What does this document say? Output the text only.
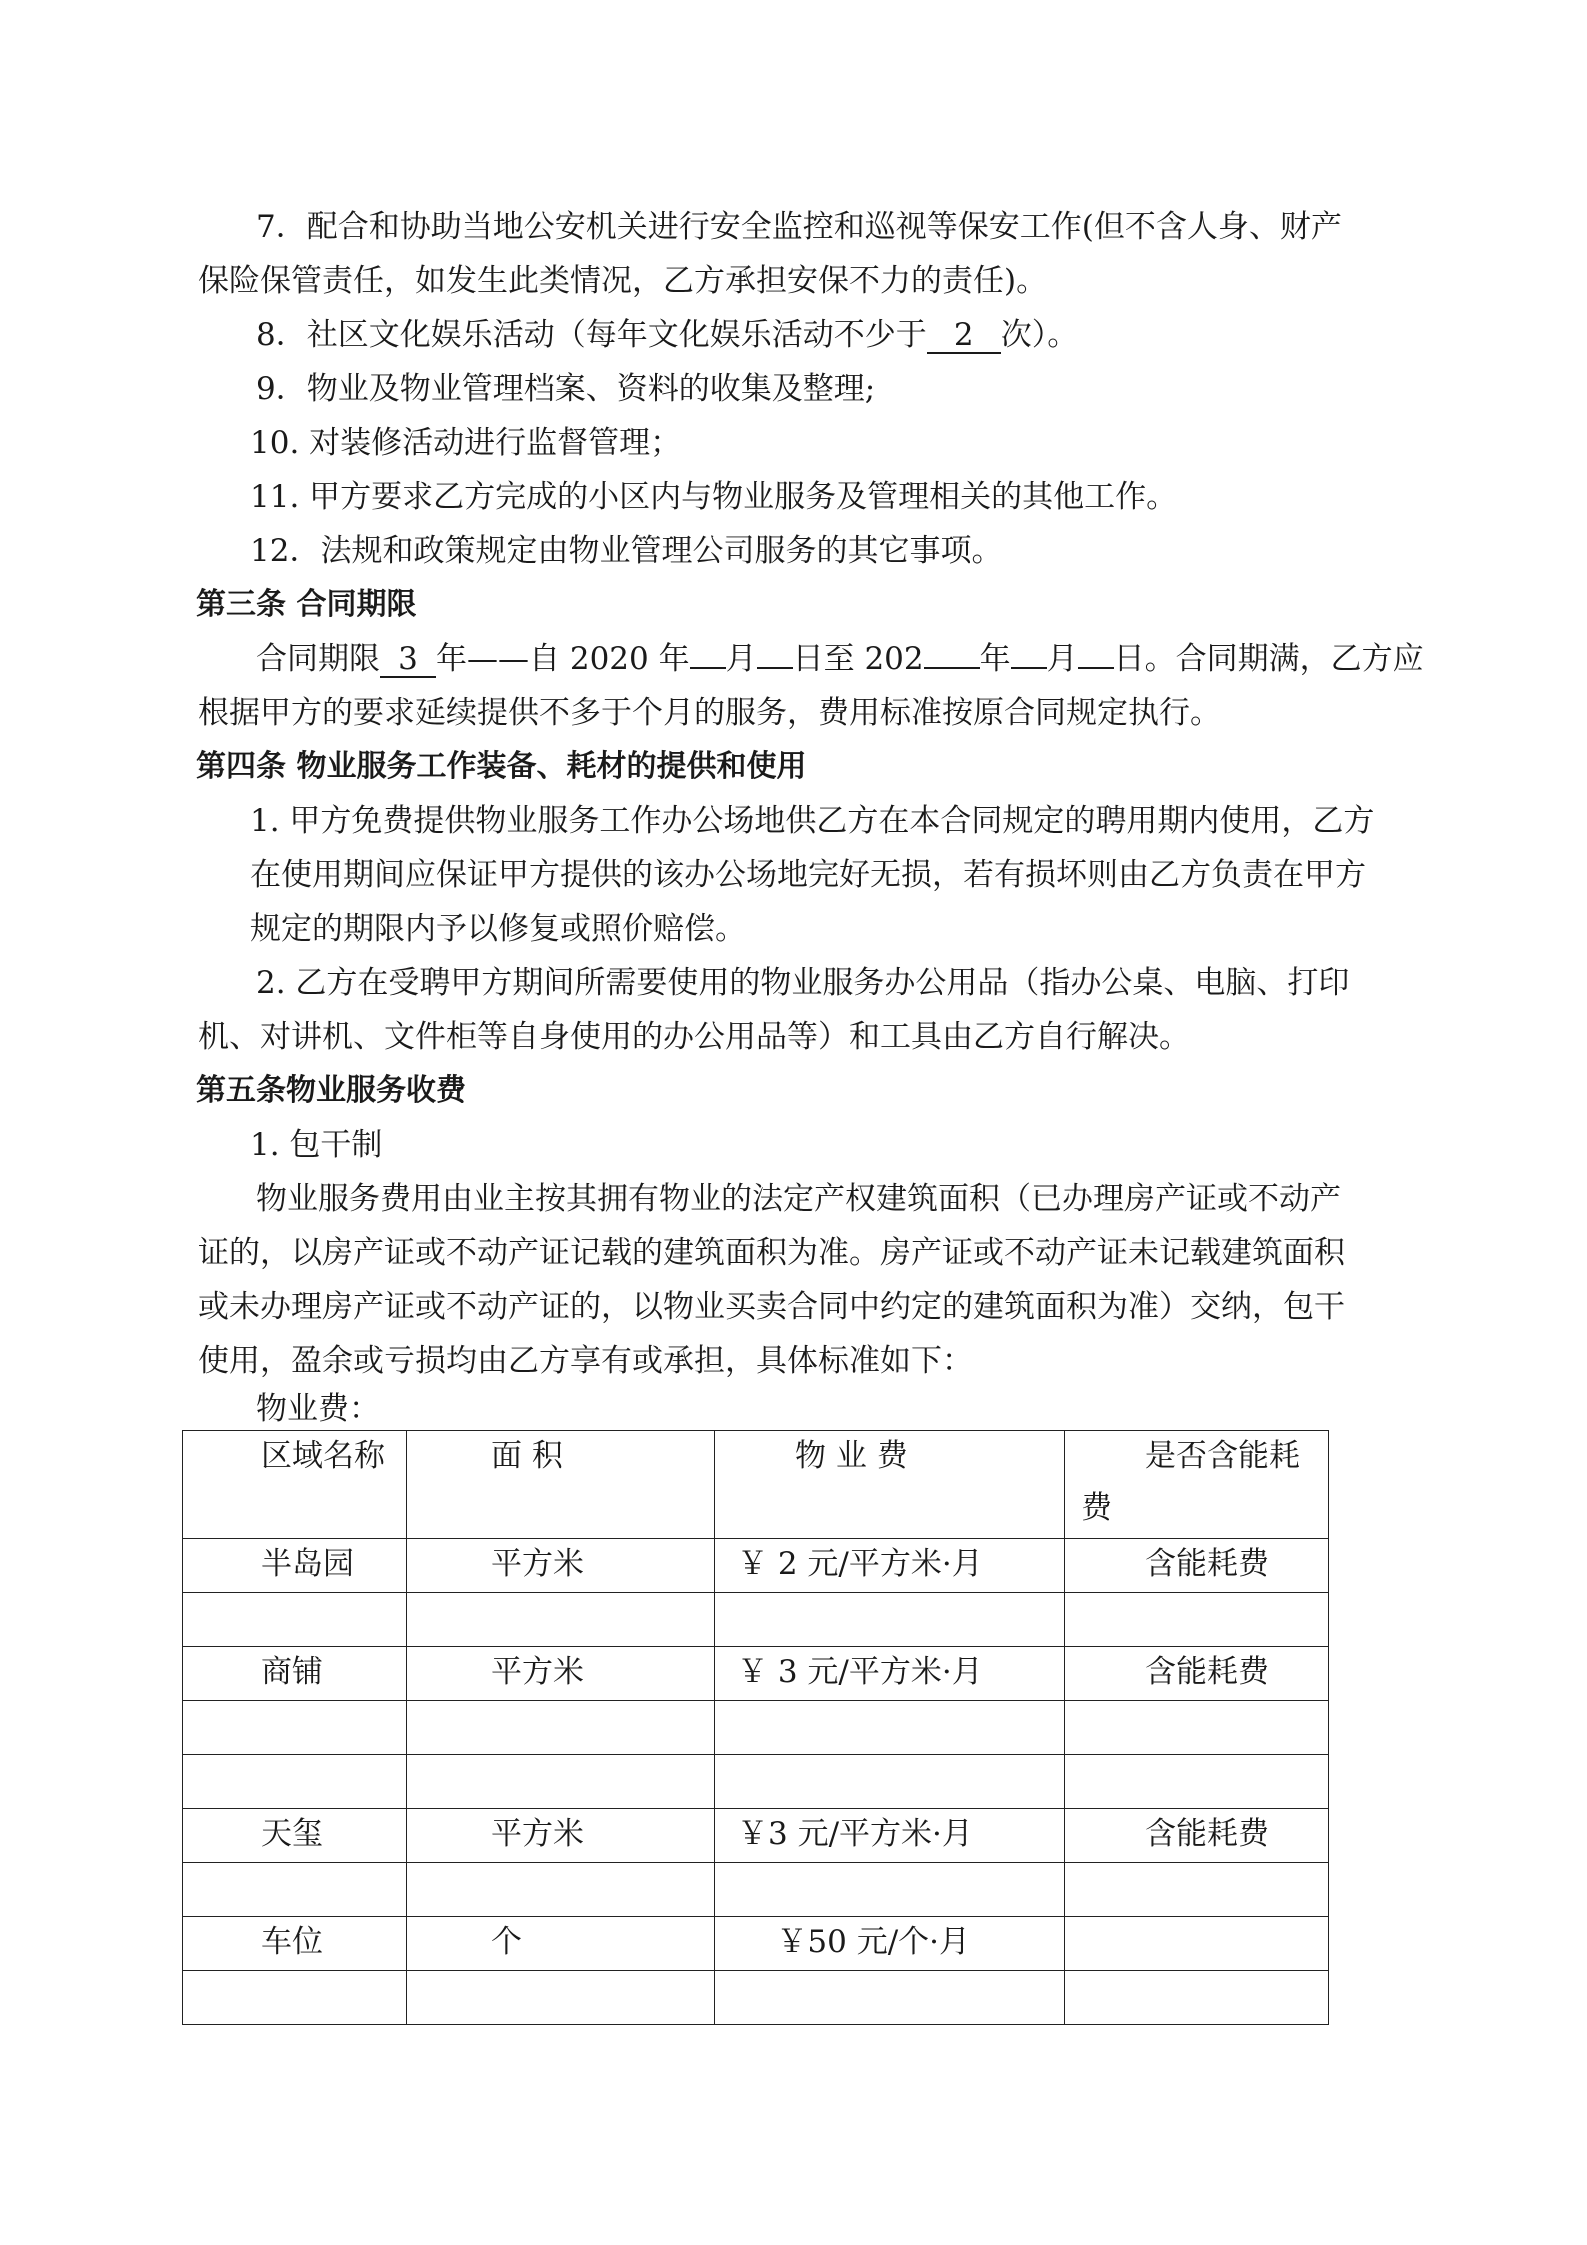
7．配合和协助当地公安机关进行安全监控和巡视等保安工作(但不含人身、财产
保险保管责任，如发生此类情况，乙方承担安保不力的责任)。
8．社区文化娱乐活动（每年文化娱乐活动不少于 2 次）。
9．物业及物业管理档案、资料的收集及整理;
10. 对装修活动进行监督管理；
11. 甲方要求乙方完成的小区内与物业服务及管理相关的其他工作。
12．法规和政策规定由物业管理公司服务的其它事项。
第三条 合同期限
合同期限 3 年——自 2020 年 月 日至 202 年 月 日。合同期满，乙方应
根据甲方的要求延续提供不多于个月的服务，费用标准按原合同规定执行。
第四条 物业服务工作装备、耗材的提供和使用
1. 甲方免费提供物业服务工作办公场地供乙方在本合同规定的聘用期内使用，乙方
在使用期间应保证甲方提供的该办公场地完好无损，若有损坏则由乙方负责在甲方
规定的期限内予以修复或照价赔偿。
2. 乙方在受聘甲方期间所需要使用的物业服务办公用品（指办公桌、电脑、打印
机、对讲机、文件柜等自身使用的办公用品等）和工具由乙方自行解决。
第五条物业服务收费
1. 包干制
物业服务费用由业主按其拥有物业的法定产权建筑面积（已办理房产证或不动产
证的，以房产证或不动产证记载的建筑面积为准。房产证或不动产证未记载建筑面积
或未办理房产证或不动产证的，以物业买卖合同中约定的建筑面积为准）交纳，包干
使用，盈余或亏损均由乙方享有或承担，具体标准如下：
物业费：
区域名称	面 积	物 业 费	是否含能耗
费

半岛园	平方米	￥ 2 元/平方米·月	含能耗费

商铺	平方米	￥ 3 元/平方米·月	含能耗费

天玺	平方米	￥3 元/平方米·月	含能耗费

车位	个	￥50 元/个·月	
